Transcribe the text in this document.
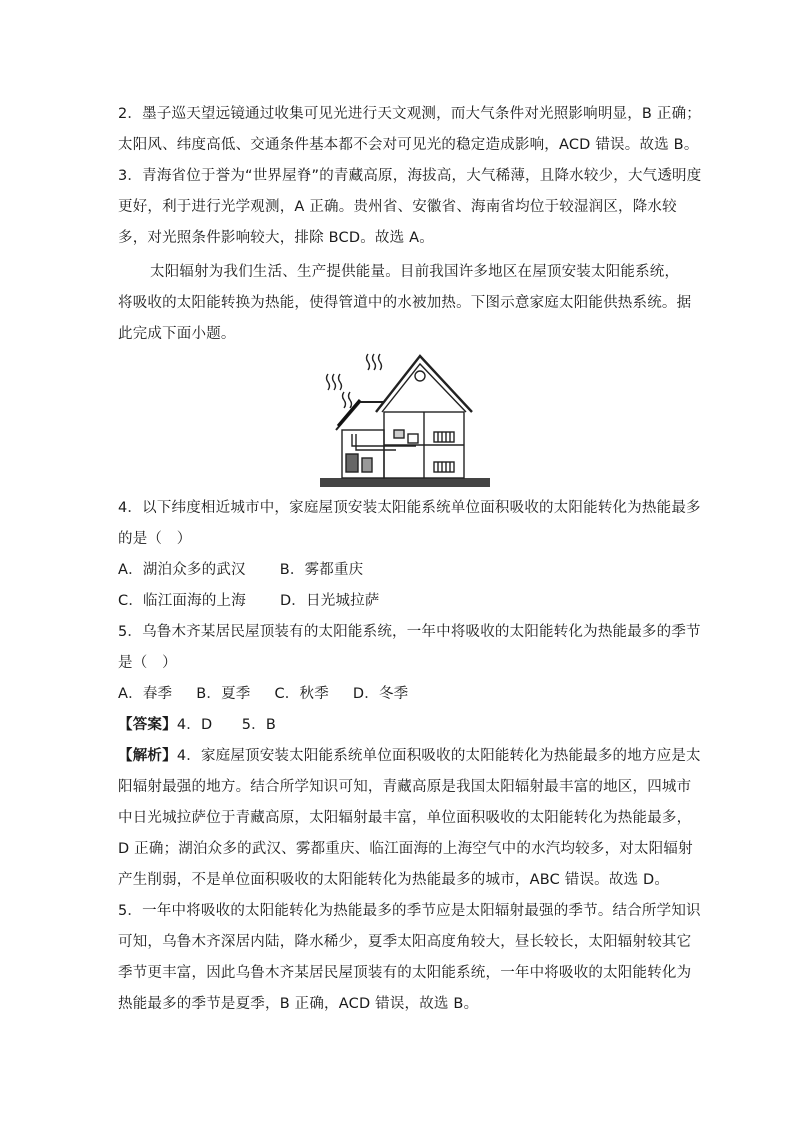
2．墨子巡天望远镜通过收集可见光进行天文观测，而大气条件对光照影响明显，B 正确；
太阳风、纬度高低、交通条件基本都不会对可见光的稳定造成影响，ACD 错误。故选 B。
3．青海省位于誉为“世界屋脊”的青藏高原，海拔高，大气稀薄，且降水较少，大气透明度
更好，利于进行光学观测，A 正确。贵州省、安徽省、海南省均位于较湿润区，降水较
多，对光照条件影响较大，排除 BCD。故选 A。
太阳辐射为我们生活、生产提供能量。目前我国许多地区在屋顶安装太阳能系统，
将吸收的太阳能转换为热能，使得管道中的水被加热。下图示意家庭太阳能供热系统。据
此完成下面小题。
4．以下纬度相近城市中，家庭屋顶安装太阳能系统单位面积吸收的太阳能转化为热能最多
的是（　）
A．湖泊众多的武汉 B．雾都重庆
C．临江面海的上海 D．日光城拉萨
5．乌鲁木齐某居民屋顶装有的太阳能系统，一年中将吸收的太阳能转化为热能最多的季节
是（　）
A．春季 B．夏季 C．秋季 D．冬季
【答案】4．D　　5．B
【解析】4．家庭屋顶安装太阳能系统单位面积吸收的太阳能转化为热能最多的地方应是太
阳辐射最强的地方。结合所学知识可知，青藏高原是我国太阳辐射最丰富的地区，四城市
中日光城拉萨位于青藏高原，太阳辐射最丰富，单位面积吸收的太阳能转化为热能最多，
D 正确；湖泊众多的武汉、雾都重庆、临江面海的上海空气中的水汽均较多，对太阳辐射
产生削弱，不是单位面积吸收的太阳能转化为热能最多的城市，ABC 错误。故选 D。
5．一年中将吸收的太阳能转化为热能最多的季节应是太阳辐射最强的季节。结合所学知识
可知，乌鲁木齐深居内陆，降水稀少，夏季太阳高度角较大，昼长较长，太阳辐射较其它
季节更丰富，因此乌鲁木齐某居民屋顶装有的太阳能系统，一年中将吸收的太阳能转化为
热能最多的季节是夏季，B 正确，ACD 错误，故选 B。
